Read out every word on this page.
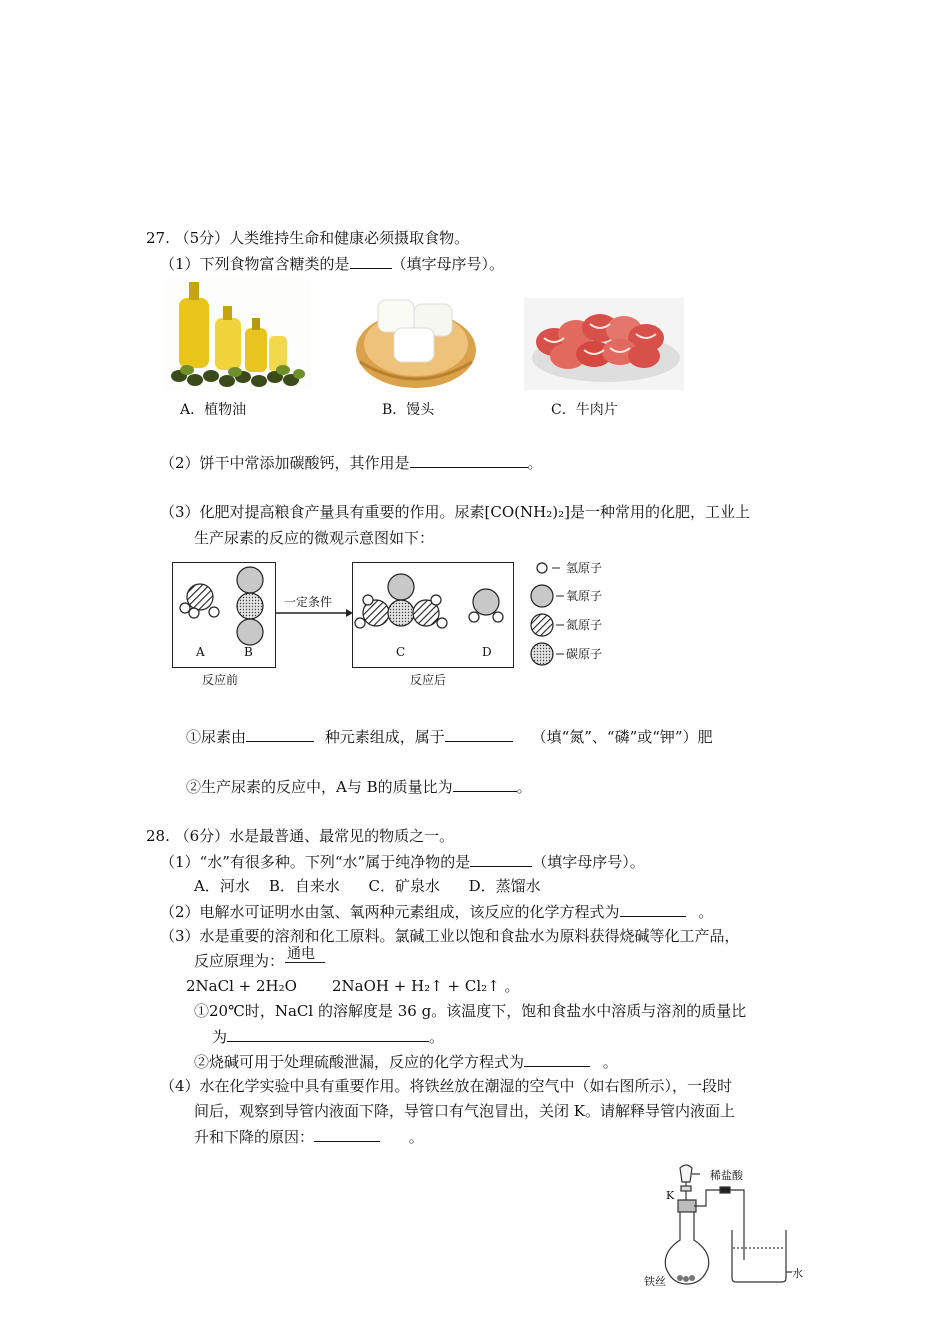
27. （5分）人类维持生命和健康必须摄取食物。
（1）下列食物富含糖类的是	（填字母序号）。
A．植物油	B．馒头	C．牛肉片
（2）饼干中常添加碳酸钙，其作用是	。
（3）化肥对提高粮食产量具有重要的作用。尿素[CO(NH₂)₂]是一种常用的化肥，工业上
生产尿素的反应的微观示意图如下：
一定条件
A	B	C	D
反应前	反应后
氢原子
氧原子
氮原子
碳原子
①尿素由	种元素组成，属于	（填“氮”、“磷”或“钾”）肥
②生产尿素的反应中，A与 B的质量比为	。
28. （6分）水是最普通、最常见的物质之一。
（1）“水”有很多种。下列“水”属于纯净物的是	（填字母序号）。
A．河水    B．自来水      C．矿泉水      D．蒸馏水
（2）电解水可证明水由氢、氧两种元素组成，该反应的化学方程式为	。
（3）水是重要的溶剂和化工原料。氯碱工业以饱和食盐水为原料获得烧碱等化工产品，
反应原理为： 通电
2NaCl + 2H₂O 2NaOH + H₂↑ + Cl₂↑ 。
①20℃时，NaCl 的溶解度是 36 g。该温度下，饱和食盐水中溶质与溶剂的质量比
为	。
②烧碱可用于处理硫酸泄漏，反应的化学方程式为	。
（4）水在化学实验中具有重要作用。将铁丝放在潮湿的空气中（如右图所示），一段时
间后，观察到导管内液面下降，导管口有气泡冒出，关闭 K。请解释导管内液面上
升和下降的原因：	。
稀盐酸
K
铁丝
水
